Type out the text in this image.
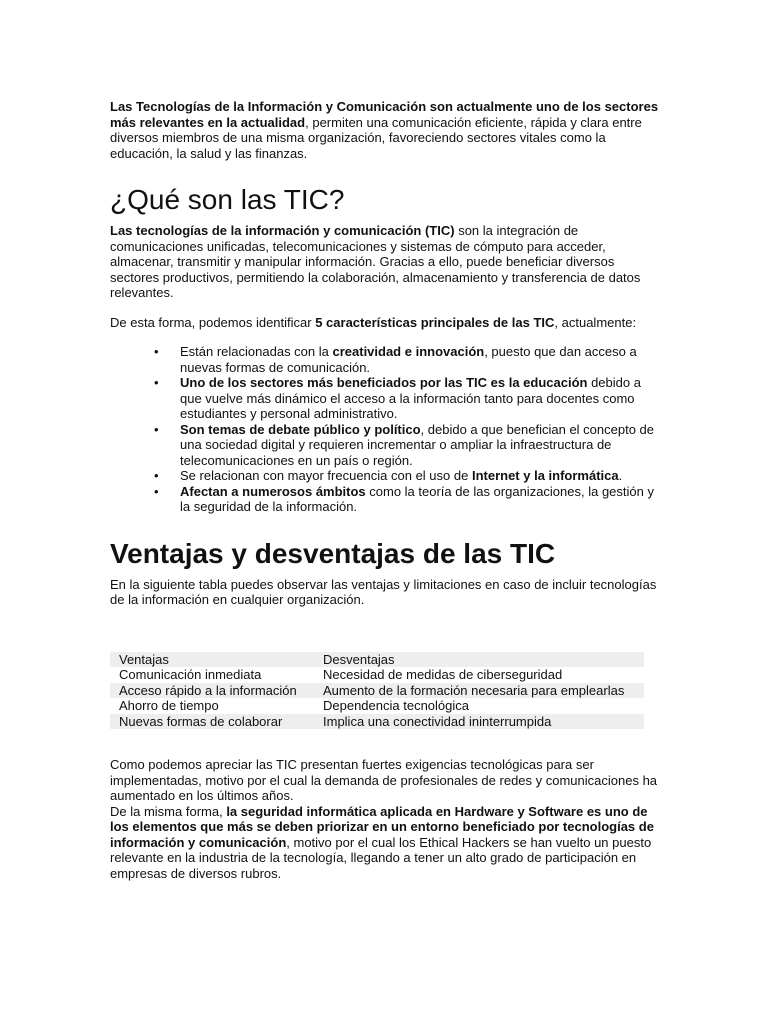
Las Tecnologías de la Información y Comunicación son actualmente uno de los sectores más relevantes en la actualidad, permiten una comunicación eficiente, rápida y clara entre diversos miembros de una misma organización, favoreciendo sectores vitales como la educación, la salud y las finanzas.

¿Qué son las TIC?

Las tecnologías de la información y comunicación (TIC) son la integración de comunicaciones unificadas, telecomunicaciones y sistemas de cómputo para acceder, almacenar, transmitir y manipular información. Gracias a ello, puede beneficiar diversos sectores productivos, permitiendo la colaboración, almacenamiento y transferencia de datos relevantes.

De esta forma, podemos identificar 5 características principales de las TIC, actualmente:

• Están relacionadas con la creatividad e innovación, puesto que dan acceso a nuevas formas de comunicación.
• Uno de los sectores más beneficiados por las TIC es la educación debido a que vuelve más dinámico el acceso a la información tanto para docentes como estudiantes y personal administrativo.
• Son temas de debate público y político, debido a que benefician el concepto de una sociedad digital y requieren incrementar o ampliar la infraestructura de telecomunicaciones en un país o región.
• Se relacionan con mayor frecuencia con el uso de Internet y la informática.
• Afectan a numerosos ámbitos como la teoría de las organizaciones, la gestión y la seguridad de la información.
Ventajas y desventajas de las TIC

En la siguiente tabla puedes observar las ventajas y limitaciones en caso de incluir tecnologías de la información en cualquier organización.

Ventajas	Desventajas
Comunicación inmediata	Necesidad de medidas de ciberseguridad
Acceso rápido a la información	Aumento de la formación necesaria para emplearlas
Ahorro de tiempo	Dependencia tecnológica
Nuevas formas de colaborar	Implica una conectividad ininterrumpida

Como podemos apreciar las TIC presentan fuertes exigencias tecnológicas para ser implementadas, motivo por el cual la demanda de profesionales de redes y comunicaciones ha aumentado en los últimos años.

De la misma forma, la seguridad informática aplicada en Hardware y Software es uno de los elementos que más se deben priorizar en un entorno beneficiado por tecnologías de información y comunicación, motivo por el cual los Ethical Hackers se han vuelto un puesto relevante en la industria de la tecnología, llegando a tener un alto grado de participación en empresas de diversos rubros.
